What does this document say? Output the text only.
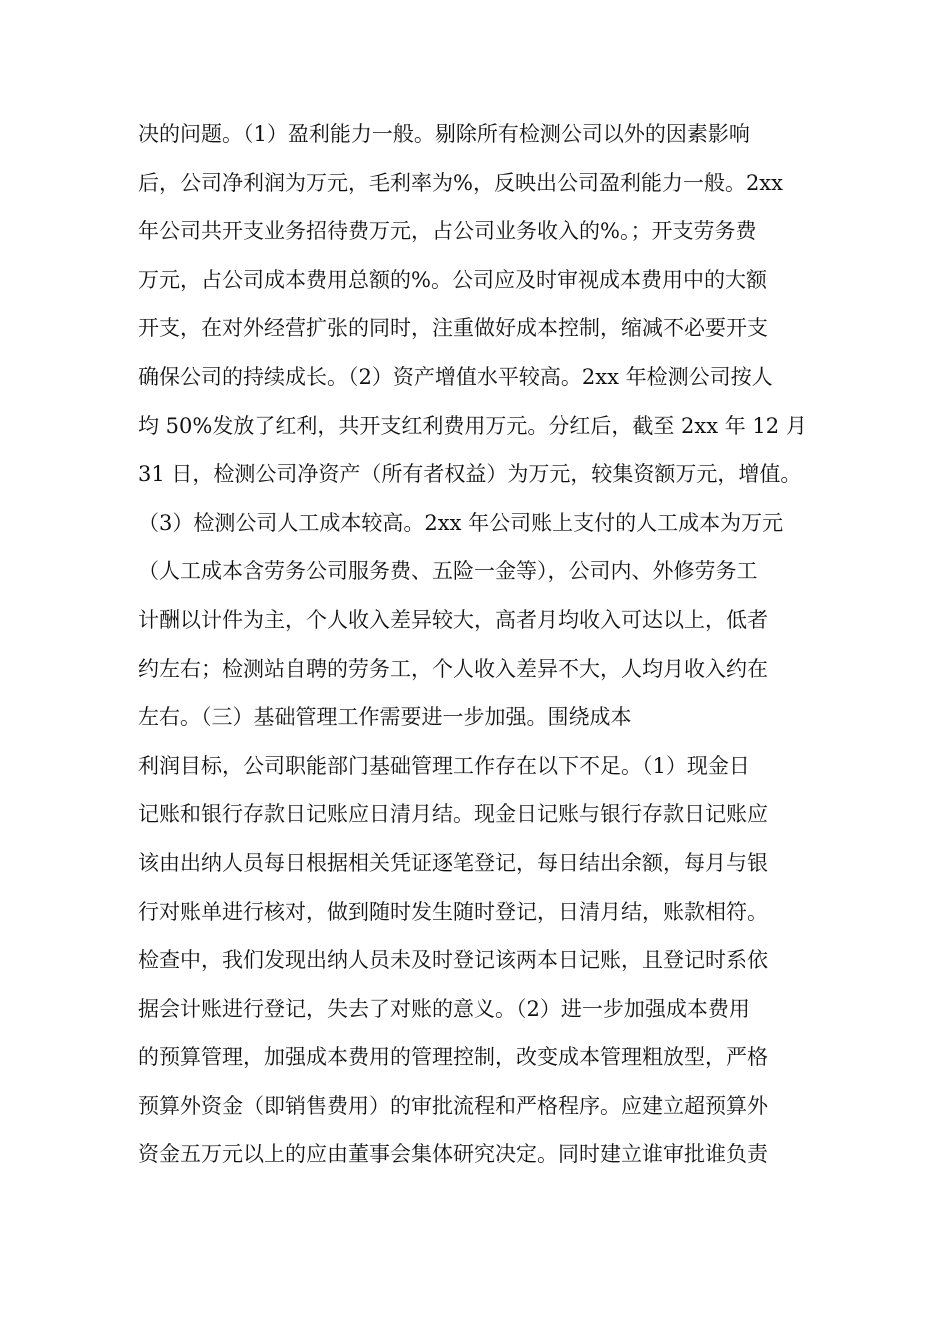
决的问题。（1）盈利能力一般。剔除所有检测公司以外的因素影响
后，公司净利润为万元，毛利率为%，反映出公司盈利能力一般。2xx
年公司共开支业务招待费万元，占公司业务收入的%。；开支劳务费
万元，占公司成本费用总额的%。公司应及时审视成本费用中的大额
开支，在对外经营扩张的同时，注重做好成本控制，缩减不必要开支
确保公司的持续成长。（2）资产增值水平较高。2xx 年检测公司按人
均 50%发放了红利，共开支红利费用万元。分红后，截至 2xx 年 12 月
31 日，检测公司净资产（所有者权益）为万元，较集资额万元，增值。
（3）检测公司人工成本较高。2xx 年公司账上支付的人工成本为万元
（人工成本含劳务公司服务费、五险一金等），公司内、外修劳务工
计酬以计件为主，个人收入差异较大，高者月均收入可达以上，低者
约左右；检测站自聘的劳务工，个人收入差异不大，人均月收入约在
左右。（三）基础管理工作需要进一步加强。围绕成本
利润目标，公司职能部门基础管理工作存在以下不足。（1）现金日
记账和银行存款日记账应日清月结。现金日记账与银行存款日记账应
该由出纳人员每日根据相关凭证逐笔登记，每日结出余额，每月与银
行对账单进行核对，做到随时发生随时登记，日清月结，账款相符。
检查中，我们发现出纳人员未及时登记该两本日记账，且登记时系依
据会计账进行登记，失去了对账的意义。（2）进一步加强成本费用
的预算管理，加强成本费用的管理控制，改变成本管理粗放型，严格
预算外资金（即销售费用）的审批流程和严格程序。应建立超预算外
资金五万元以上的应由董事会集体研究决定。同时建立谁审批谁负责
